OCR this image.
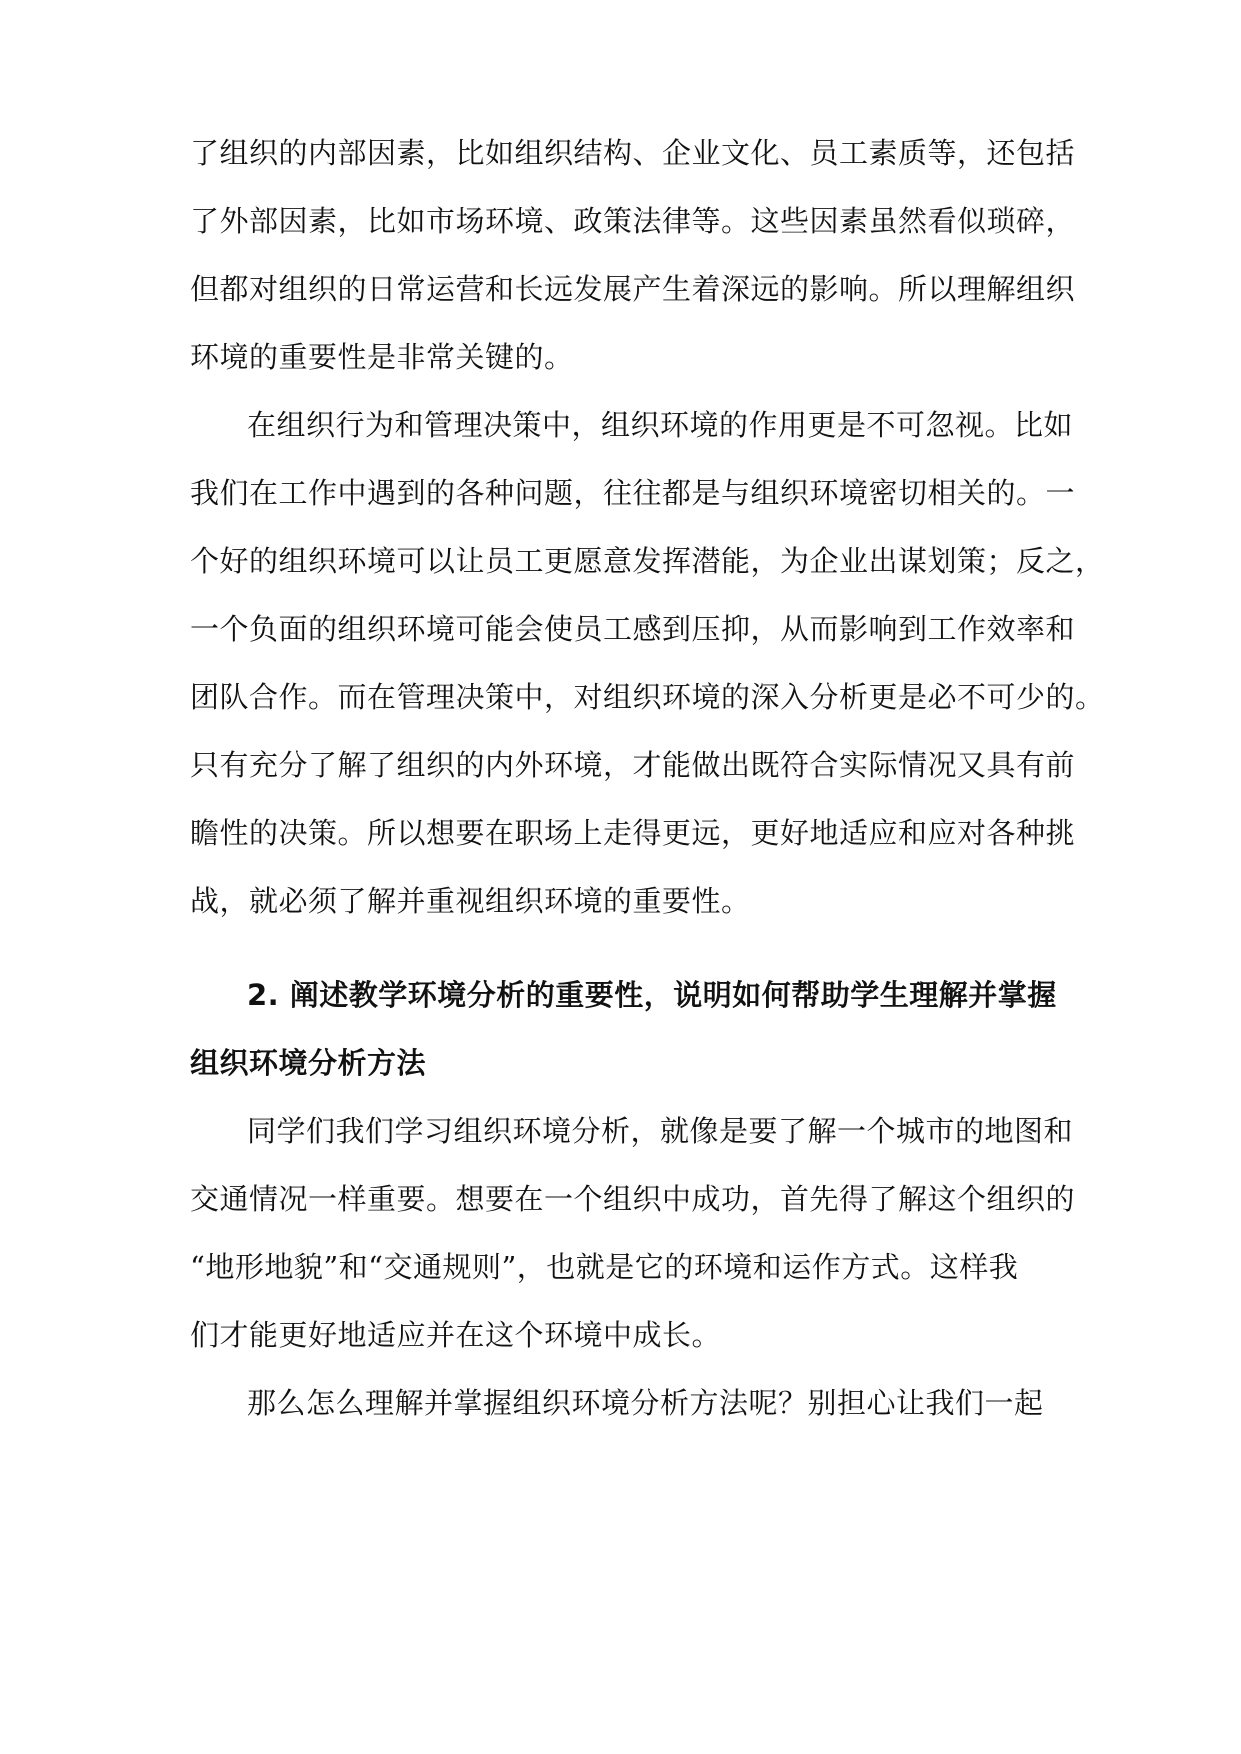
了组织的内部因素，比如组织结构、企业文化、员工素质等，还包括
了外部因素，比如市场环境、政策法律等。这些因素虽然看似琐碎，
但都对组织的日常运营和长远发展产生着深远的影响。所以理解组织
环境的重要性是非常关键的。
在组织行为和管理决策中，组织环境的作用更是不可忽视。比如
我们在工作中遇到的各种问题，往往都是与组织环境密切相关的。一
个好的组织环境可以让员工更愿意发挥潜能，为企业出谋划策；反之，
一个负面的组织环境可能会使员工感到压抑，从而影响到工作效率和
团队合作。而在管理决策中，对组织环境的深入分析更是必不可少的。
只有充分了解了组织的内外环境，才能做出既符合实际情况又具有前
瞻性的决策。所以想要在职场上走得更远，更好地适应和应对各种挑
战，就必须了解并重视组织环境的重要性。
2. 阐述教学环境分析的重要性，说明如何帮助学生理解并掌握
组织环境分析方法
同学们我们学习组织环境分析，就像是要了解一个城市的地图和
交通情况一样重要。想要在一个组织中成功，首先得了解这个组织的
“地形地貌”和“交通规则”，也就是它的环境和运作方式。这样我
们才能更好地适应并在这个环境中成长。
那么怎么理解并掌握组织环境分析方法呢？别担心让我们一起
